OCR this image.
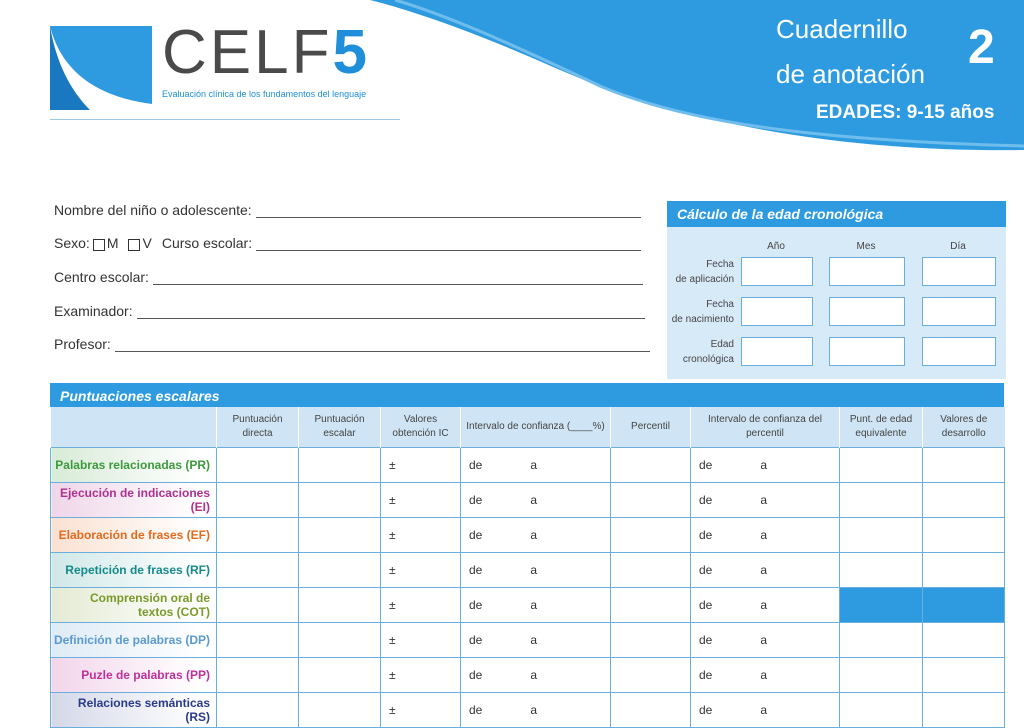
CELF5
Evaluación clínica de los fundamentos del lenguaje
Cuadernillo
de anotación
2
EDADES: 9-15 años
Nombre del niño o adolescente:
Sexo: M V Curso escolar:
Centro escolar:
Examinador:
Profesor:
Cálculo de la edad cronológica
Año	Mes	Día
Fecha
de aplicación
Fecha
de nacimiento
Edad
cronológica
Puntuaciones escalares
	Puntuación directa	Puntuación escalar	Valores obtención IC	Intervalo de confianza (____%)	Percentil	Intervalo de confianza del percentil	Punt. de edad equivalente	Valores de desarrollo
Palabras relacionadas (PR)			±	de a		de a		
Ejecución de indicaciones (EI)			±	de a		de a		
Elaboración de frases (EF)			±	de a		de a		
Repetición de frases (RF)			±	de a		de a		
Comprensión oral de textos (COT)			±	de a		de a		
Definición de palabras (DP)			±	de a		de a		
Puzle de palabras (PP)			±	de a		de a		
Relaciones semánticas (RS)			±	de a		de a		
